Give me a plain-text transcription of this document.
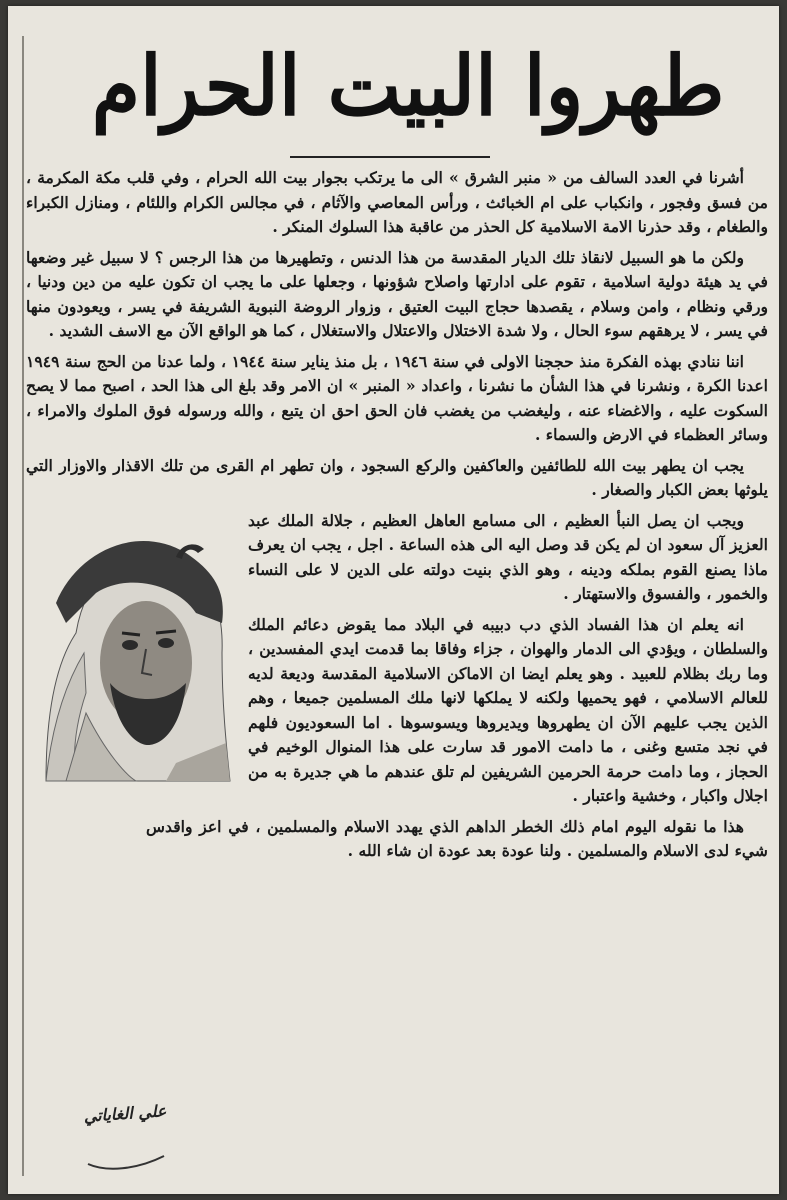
طهروا البيت الحرام

أشرنا في العدد السالف من « منبر الشرق » الى ما يرتكب بجوار بيت الله الحرام ، وفي قلب مكة المكرمة ، من فسق وفجور ، وانكباب على ام الخبائث ، ورأس المعاصي والآثام ، في مجالس الكرام واللئام ، ومنازل الكبراء والطغام ، وقد حذرنا الامة الاسلامية كل الحذر من عاقبة هذا السلوك المنكر .

ولكن ما هو السبيل لانقاذ تلك الديار المقدسة من هذا الدنس ، وتطهيرها من هذا الرجس ؟ لا سبيل غير وضعها في يد هيئة دولية اسلامية ، تقوم على ادارتها واصلاح شؤونها ، وجعلها على ما يجب ان تكون عليه من دين ودنيا ، ورقي ونظام ، وامن وسلام ، يقصدها حجاج البيت العتيق ، وزوار الروضة النبوية الشريفة في يسر ، ويعودون منها في يسر ، لا يرهقهم سوء الحال ، ولا شدة الاختلال والاعتلال والاستغلال ، كما هو الواقع الآن مع الاسف الشديد .

اننا ننادي بهذه الفكرة منذ حججنا الاولى في سنة ١٩٤٦ ، بل منذ يناير سنة ١٩٤٤ ، ولما عدنا من الحج سنة ١٩٤٩ اعدنا الكرة ، ونشرنا في هذا الشأن ما نشرنا ، واعداد « المنبر » ان الامر وقد بلغ الى هذا الحد ، اصبح مما لا يصح السكوت عليه ، والاغضاء عنه ، وليغضب من يغضب فان الحق احق ان يتبع ، والله ورسوله فوق الملوك والامراء ، وسائر العظماء في الارض والسماء .

يجب ان يطهر بيت الله للطائفين والعاكفين والركع السجود ، وان تطهر ام القرى من تلك الاقذار والاوزار التي يلوثها بعض الكبار والصغار .

ويجب ان يصل النبأ العظيم ، الى مسامع العاهل العظيم ، جلالة الملك عبد العزيز آل سعود ان لم يكن قد وصل اليه الى هذه الساعة . اجل ، يجب ان يعرف ماذا يصنع القوم بملكه ودينه ، وهو الذي بنيت دولته على الدين لا على النساء والخمور ، والفسوق والاستهتار .

انه يعلم ان هذا الفساد الذي دب دبيبه في البلاد مما يقوض دعائم الملك والسلطان ، ويؤدي الى الدمار والهوان ، جزاء وفاقا بما قدمت ايدي المفسدين ، وما ربك بظلام للعبيد . وهو يعلم ايضا ان الاماكن الاسلامية المقدسة وديعة لديه للعالم الاسلامي ، فهو يحميها ولكنه لا يملكها لانها ملك المسلمين جميعا ، وهم الذين يجب عليهم الآن ان يطهروها ويديروها ويسوسوها . اما السعوديون فلهم في نجد متسع وغنى ، ما دامت الامور قد سارت على هذا المنوال الوخيم في الحجاز ، وما دامت حرمة الحرمين الشريفين لم تلق عندهم ما هي جديرة به من اجلال واكبار ، وخشية واعتبار .

هذا ما نقوله اليوم امام ذلك الخطر الداهم الذي يهدد الاسلام والمسلمين ، في اعز واقدس شيء لدى الاسلام والمسلمين . ولنا عودة بعد عودة ان شاء الله .

علي الغاياتي
